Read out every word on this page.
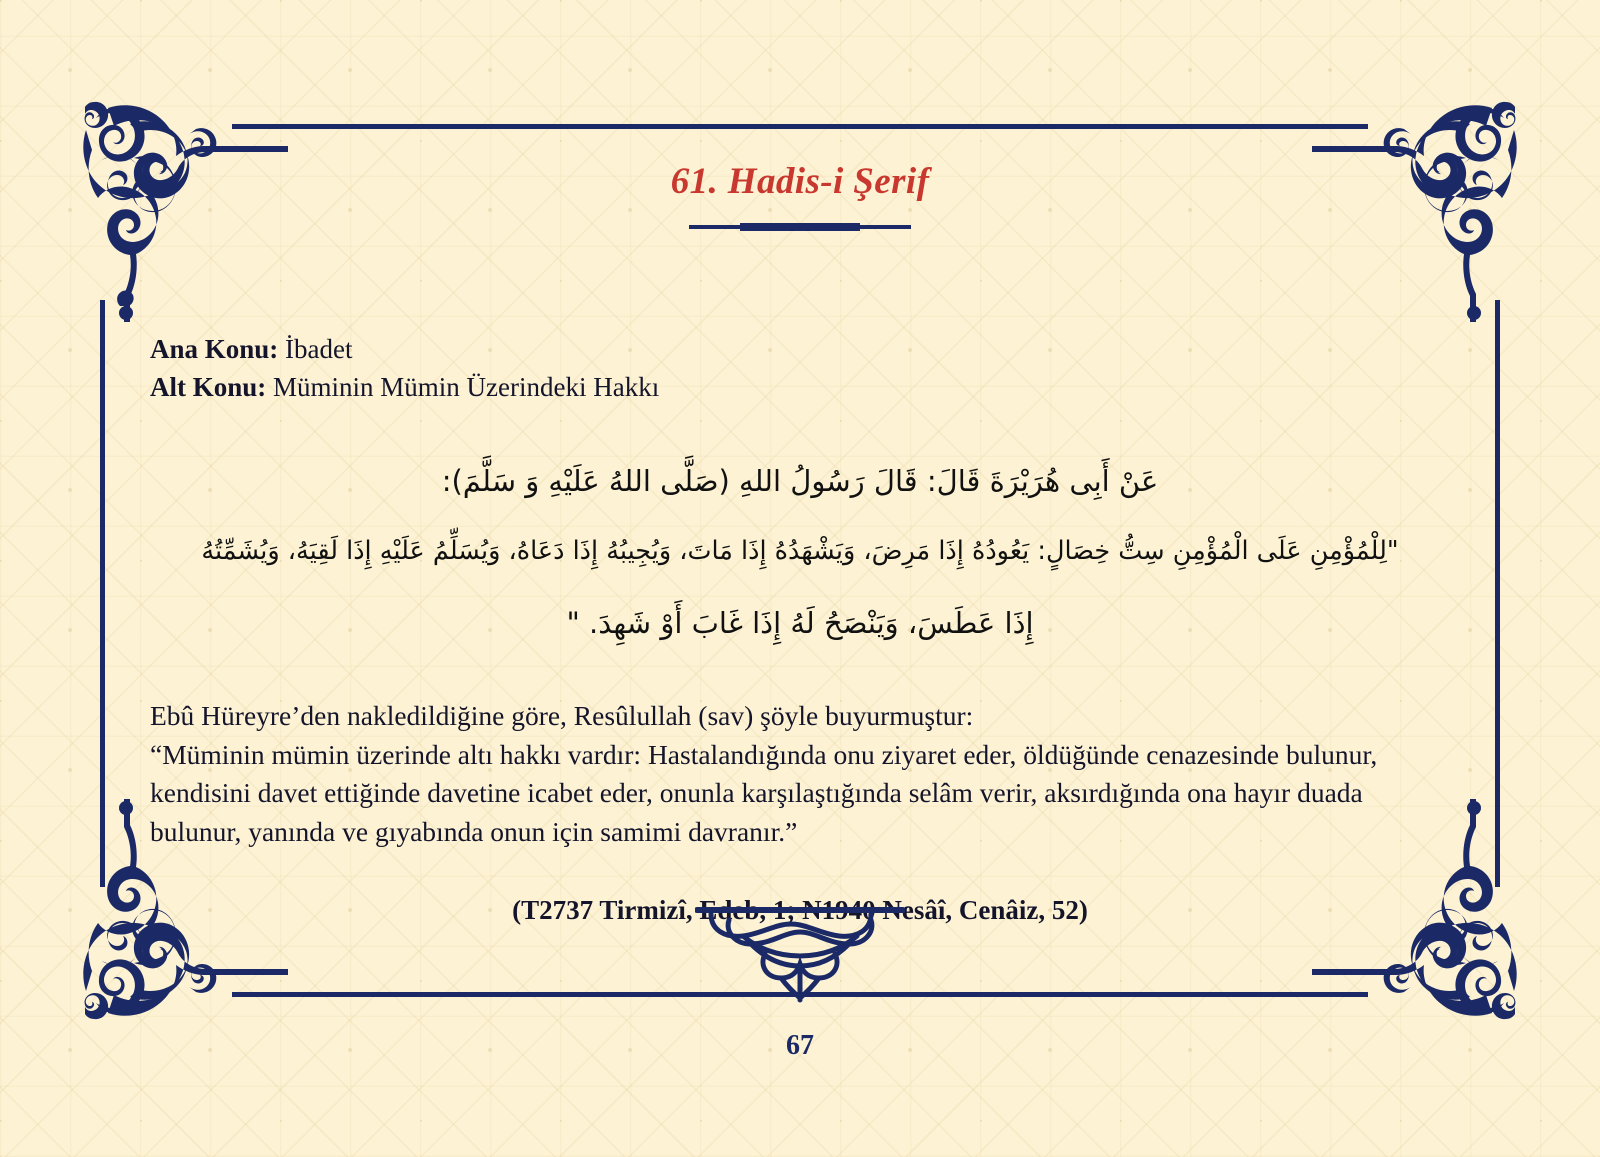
61. Hadis-i Şerif
Ana Konu: İbadet
Alt Konu: Müminin Mümin Üzerindeki Hakkı
عَنْ أَبِى هُرَيْرَةَ قَالَ: قَالَ رَسُولُ اللهِ (صَلَّى اللهُ عَلَيْهِ وَ سَلَّمَ):
"لِلْمُؤْمِنِ عَلَى الْمُؤْمِنِ سِتُّ خِصَالٍ: يَعُودُهُ إِذَا مَرِضَ، وَيَشْهَدُهُ إِذَا مَاتَ، وَيُجِيبُهُ إِذَا دَعَاهُ، وَيُسَلِّمُ عَلَيْهِ إِذَا لَقِيَهُ، وَيُشَمِّتُهُ
إِذَا عَطَسَ، وَيَنْصَحُ لَهُ إِذَا غَابَ أَوْ شَهِدَ. "

Ebû Hüreyre’den nakledildiğine göre, Resûlullah (sav) şöyle buyurmuştur:

“Müminin mümin üzerinde altı hakkı vardır: Hastalandığında onu ziyaret eder, öldüğünde cenazesinde bulunur, kendisini davet ettiğinde davetine icabet eder, onunla karşılaştığında selâm verir, aksırdığında ona hayır duada bulunur, yanında ve gıyabında onun için samimi davranır.”

(T2737 Tirmizî, Edeb, 1; N1940 Nesâî, Cenâiz, 52)
67
